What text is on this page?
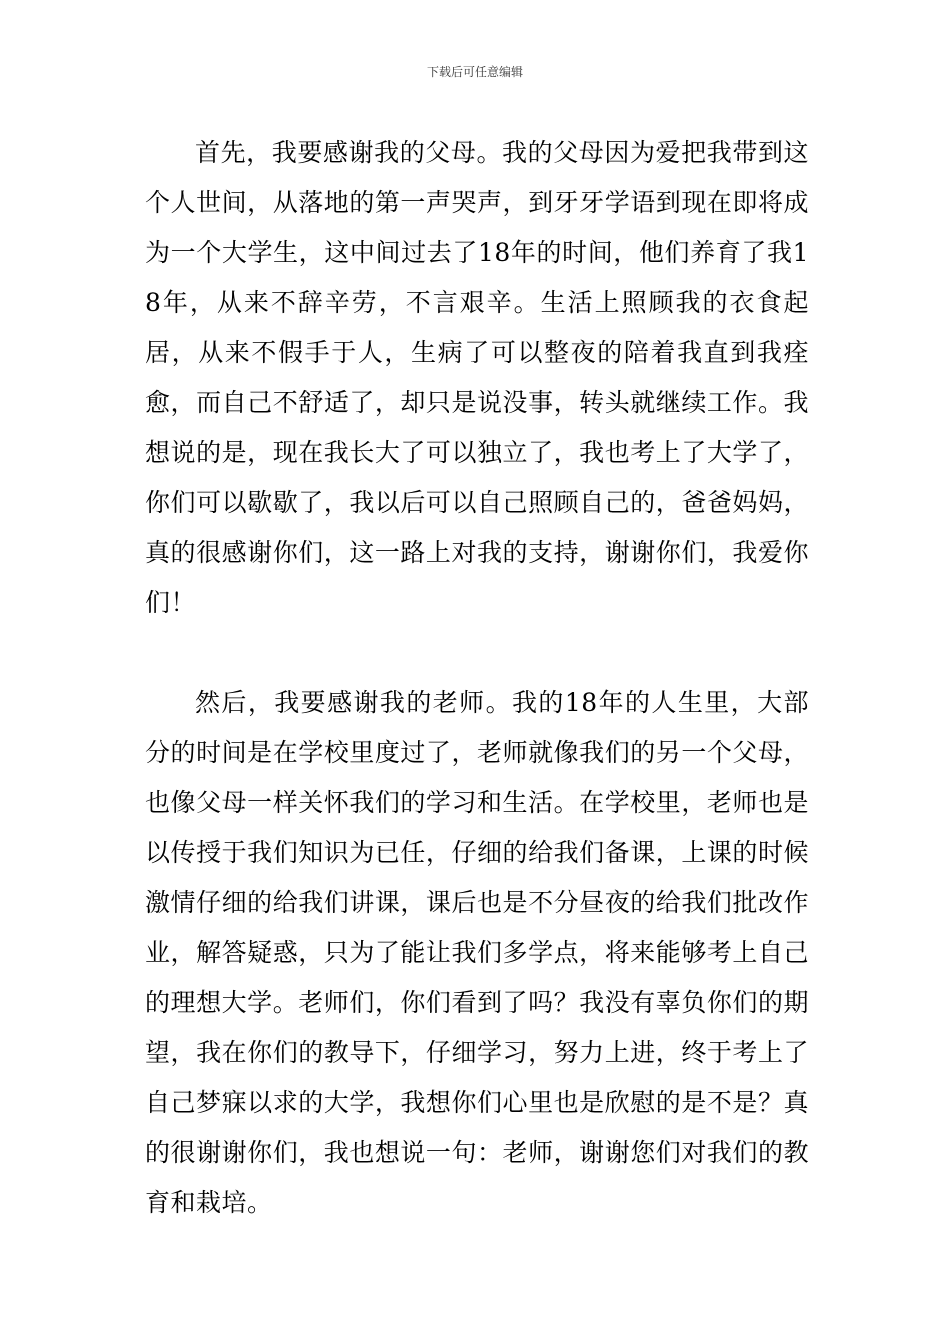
下载后可任意编辑

首先，我要感谢我的父母。我的父母因为爱把我带到这个人世间，从落地的第一声哭声，到牙牙学语到现在即将成为一个大学生，这中间过去了18年的时间，他们养育了我18年，从来不辞辛劳，不言艰辛。生活上照顾我的衣食起居，从来不假手于人，生病了可以整夜的陪着我直到我痊愈，而自己不舒适了，却只是说没事，转头就继续工作。我想说的是，现在我长大了可以独立了，我也考上了大学了，你们可以歇歇了，我以后可以自己照顾自己的，爸爸妈妈，真的很感谢你们，这一路上对我的支持，谢谢你们，我爱你们！

然后，我要感谢我的老师。我的18年的人生里，大部分的时间是在学校里度过了，老师就像我们的另一个父母，也像父母一样关怀我们的学习和生活。在学校里，老师也是以传授于我们知识为已任，仔细的给我们备课，上课的时候激情仔细的给我们讲课，课后也是不分昼夜的给我们批改作业，解答疑惑，只为了能让我们多学点，将来能够考上自己的理想大学。老师们，你们看到了吗？我没有辜负你们的期望，我在你们的教导下，仔细学习，努力上进，终于考上了自己梦寐以求的大学，我想你们心里也是欣慰的是不是？真的很谢谢你们，我也想说一句：老师，谢谢您们对我们的教育和栽培。
